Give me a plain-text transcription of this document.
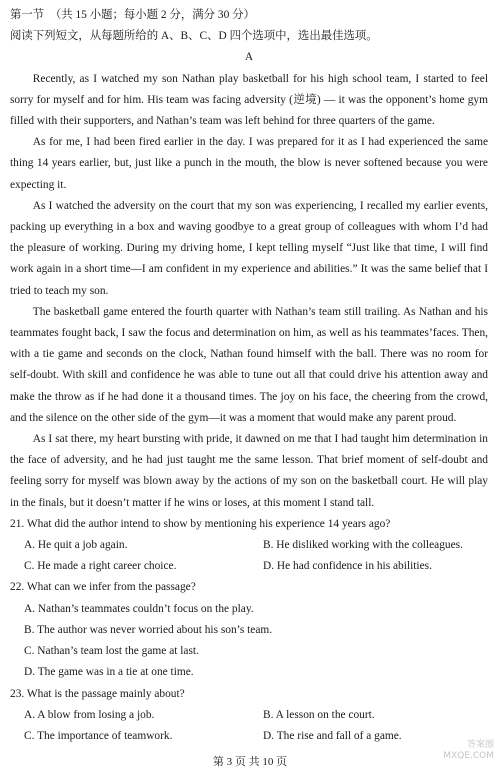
第一节　（共 15 小题；每小题 2 分，满分 30 分）

阅读下列短文，从每题所给的 A、B、C、D 四个选项中，选出最佳选项。

A

Recently, as I watched my son Nathan play basketball for his high school team, I started to feel sorry for myself and for him. His team was facing adversity (逆境) — it was the opponent’s home gym filled with their supporters, and Nathan’s team was left behind for three quarters of the game.

As for me, I had been fired earlier in the day. I was prepared for it as I had experienced the same thing 14 years earlier, but, just like a punch in the mouth, the blow is never softened because you were expecting it.

As I watched the adversity on the court that my son was experiencing, I recalled my earlier events, packing up everything in a box and waving goodbye to a great group of colleagues with whom I’d had the pleasure of working. During my driving home, I kept telling myself “Just like that time, I will find work again in a short time—I am confident in my experience and abilities.” It was the same belief that I tried to teach my son.

The basketball game entered the fourth quarter with Nathan’s team still trailing. As Nathan and his teammates fought back, I saw the focus and determination on him, as well as his teammates’faces. Then, with a tie game and seconds on the clock, Nathan found himself with the ball. There was no room for self-doubt. With skill and confidence he was able to tune out all that could drive his attention away and make the throw as if he had done it a thousand times. The joy on his face, the cheering from the crowd, and the silence on the other side of the gym—it was a moment that would make any parent proud.

As I sat there, my heart bursting with pride, it dawned on me that I had taught him determination in the face of adversity, and he had just taught me the same lesson. That brief moment of self-doubt and feeling sorry for myself was blown away by the actions of my son on the basketball court. He will play in the finals, but it doesn’t matter if he wins or loses, at this moment I stand tall.

21. What did the author intend to show by mentioning his experience 14 years ago?

A. He quit a job again.	B. He disliked working with the colleagues.
C. He made a right career choice.	D. He had confidence in his abilities.

22. What can we infer from the passage?

A. Nathan’s teammates couldn’t focus on the play.

B. The author was never worried about his son’s team.

C. Nathan’s team lost the game at last.

D. The game was in a tie at one time.

23. What is the passage mainly about?

A. A blow from losing a job.	B. A lesson on the court.
C. The importance of teamwork.	D. The rise and fall of a game.
第 3 页 共 10 页
答案圈
MXQE.COM
